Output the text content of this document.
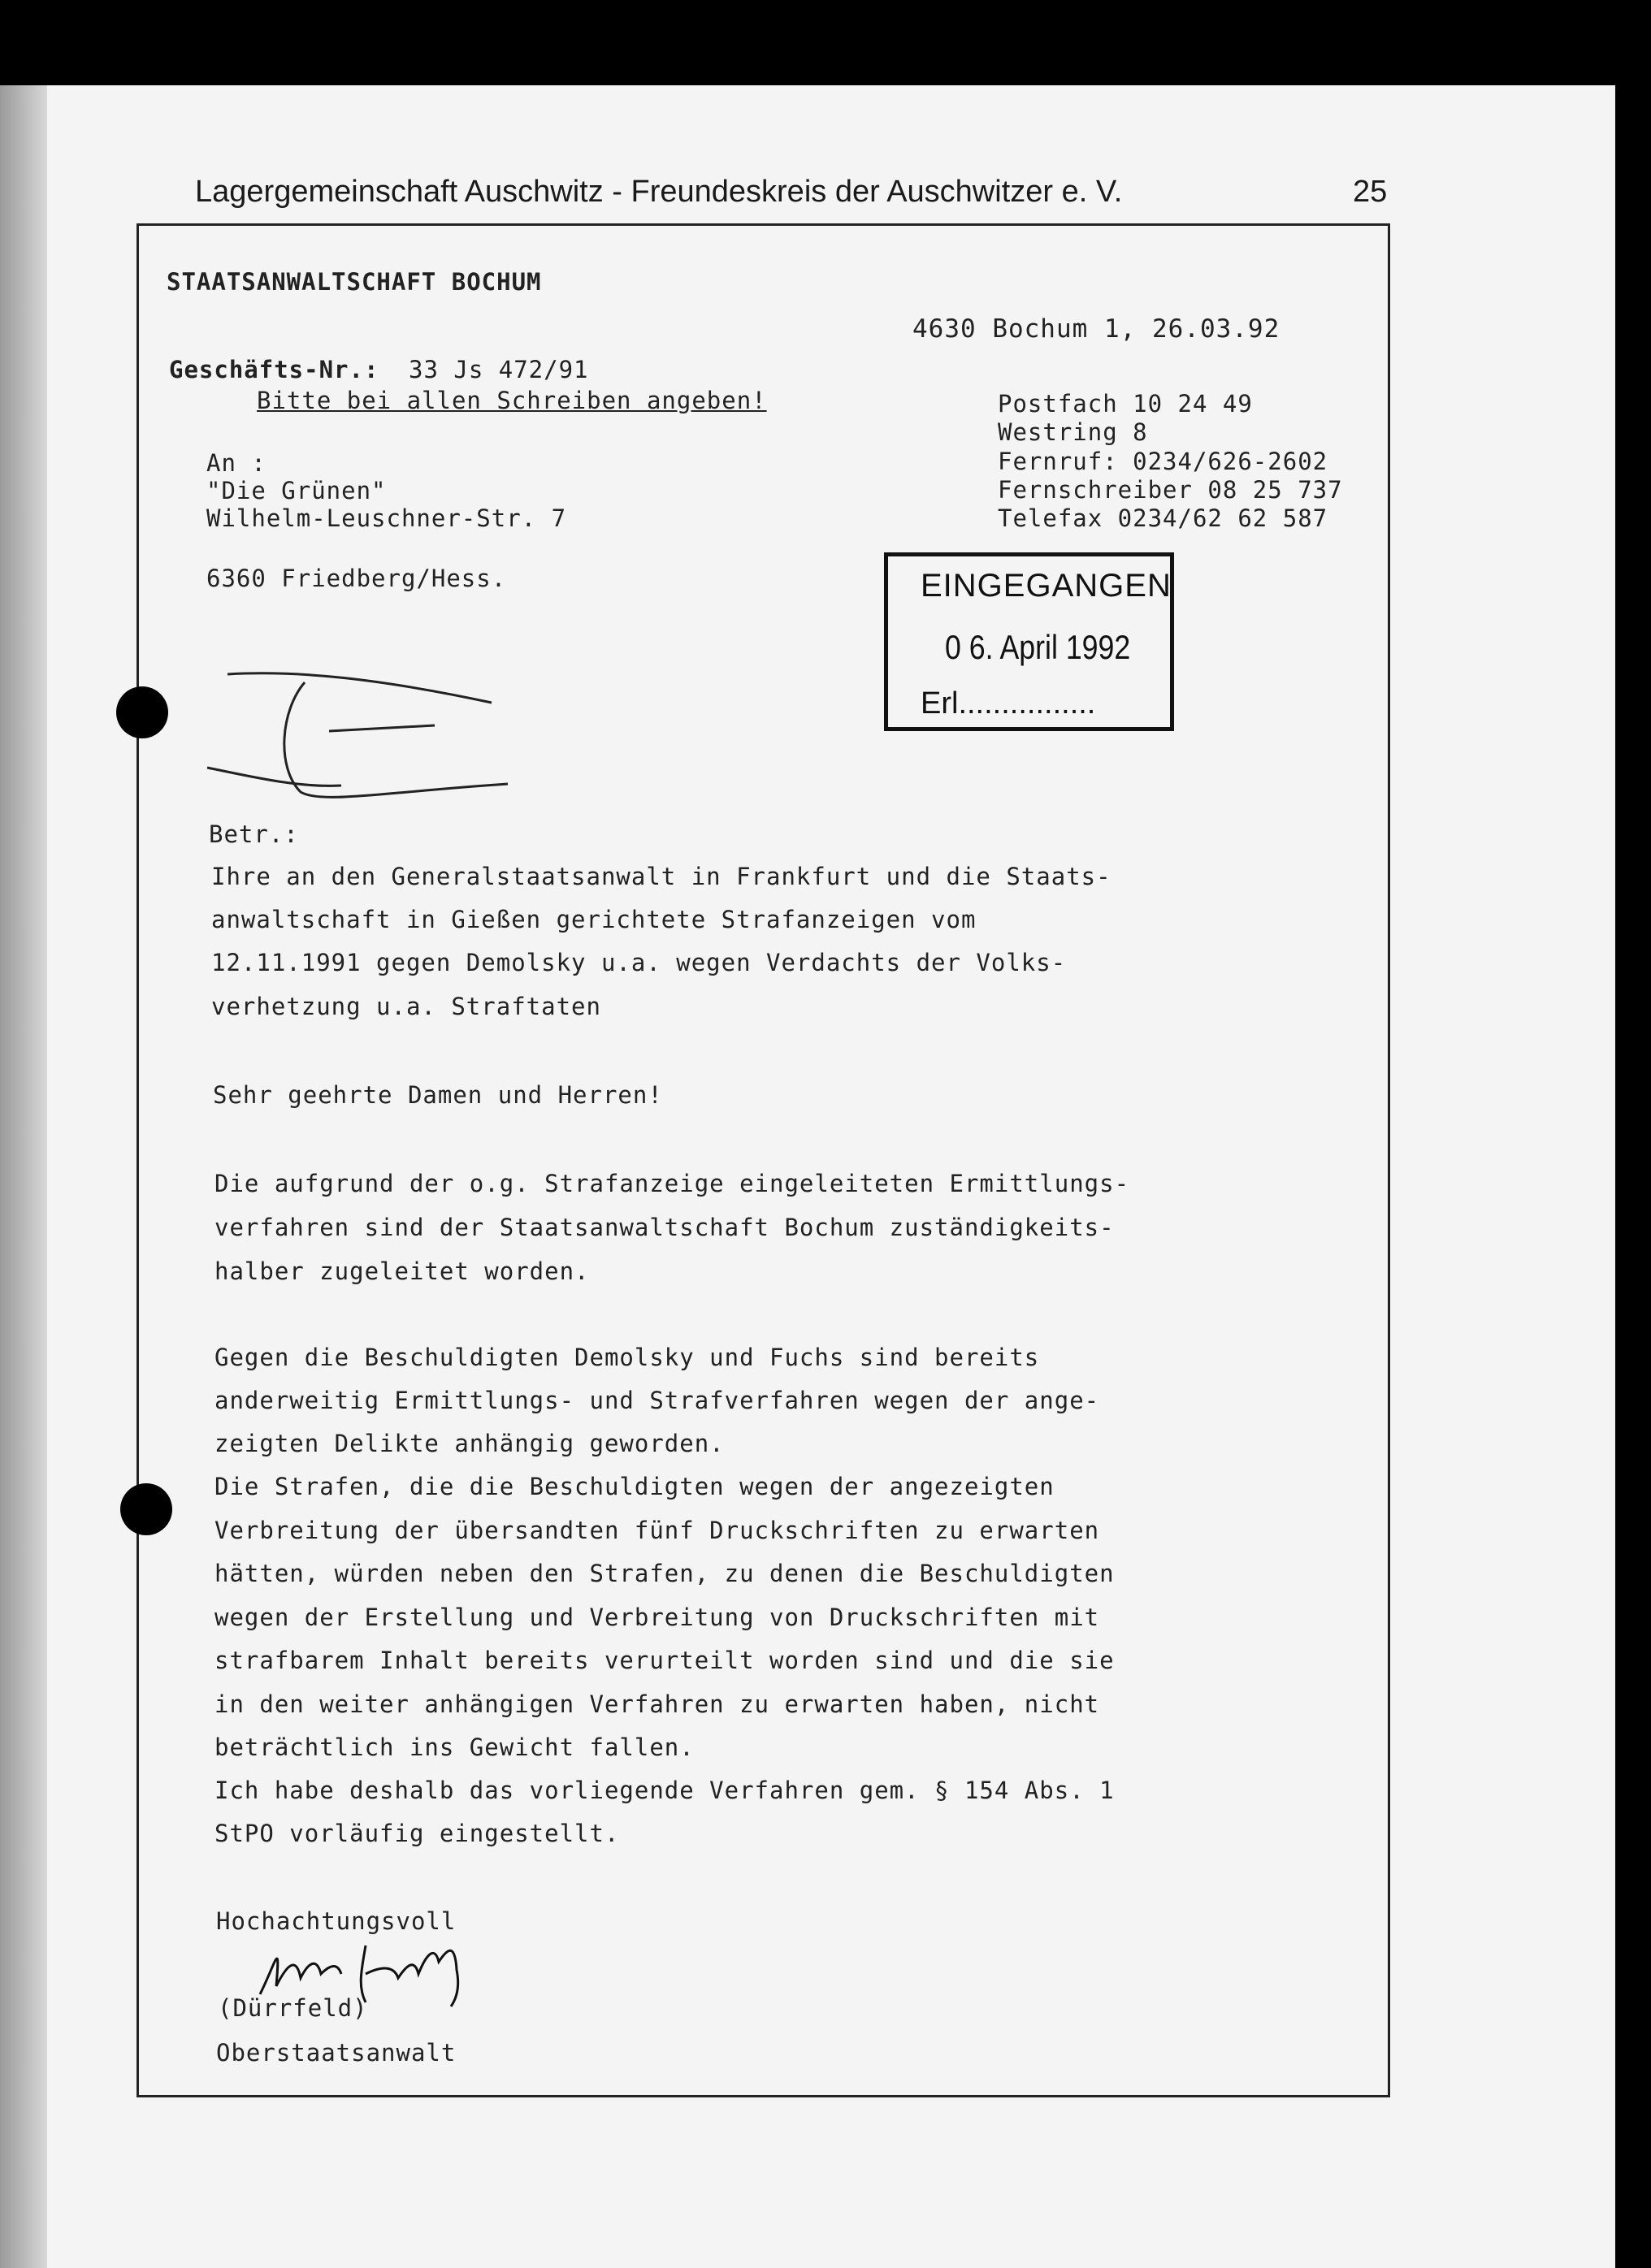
Lagergemeinschaft Auschwitz - Freundeskreis der Auschwitzer e. V.	25
STAATSANWALTSCHAFT BOCHUM
4630 Bochum 1, 26.03.92
Geschäfts-Nr.: 33 Js 472/91
Bitte bei allen Schreiben angeben!	Postfach 10 24 49
Westring 8
Fernruf: 0234/626-2602
Fernschreiber 08 25 737
Telefax 0234/62 62 587
An :
"Die Grünen"
Wilhelm-Leuschner-Str. 7
6360 Friedberg/Hess.	EINGEGANGEN
0 6. April 1992
Erl................
Betr.:
Ihre an den Generalstaatsanwalt in Frankfurt und die Staats-
anwaltschaft in Gießen gerichtete Strafanzeigen vom
12.11.1991 gegen Demolsky u.a. wegen Verdachts der Volks-
verhetzung u.a. Straftaten
Sehr geehrte Damen und Herren!
Die aufgrund der o.g. Strafanzeige eingeleiteten Ermittlungs-
verfahren sind der Staatsanwaltschaft Bochum zuständigkeits-
halber zugeleitet worden.
Gegen die Beschuldigten Demolsky und Fuchs sind bereits
anderweitig Ermittlungs- und Strafverfahren wegen der ange-
zeigten Delikte anhängig geworden.
Die Strafen, die die Beschuldigten wegen der angezeigten
Verbreitung der übersandten fünf Druckschriften zu erwarten
hätten, würden neben den Strafen, zu denen die Beschuldigten
wegen der Erstellung und Verbreitung von Druckschriften mit
strafbarem Inhalt bereits verurteilt worden sind und die sie
in den weiter anhängigen Verfahren zu erwarten haben, nicht
beträchtlich ins Gewicht fallen.
Ich habe deshalb das vorliegende Verfahren gem. § 154 Abs. 1
StPO vorläufig eingestellt.
Hochachtungsvoll
(Dürrfeld)
Oberstaatsanwalt
